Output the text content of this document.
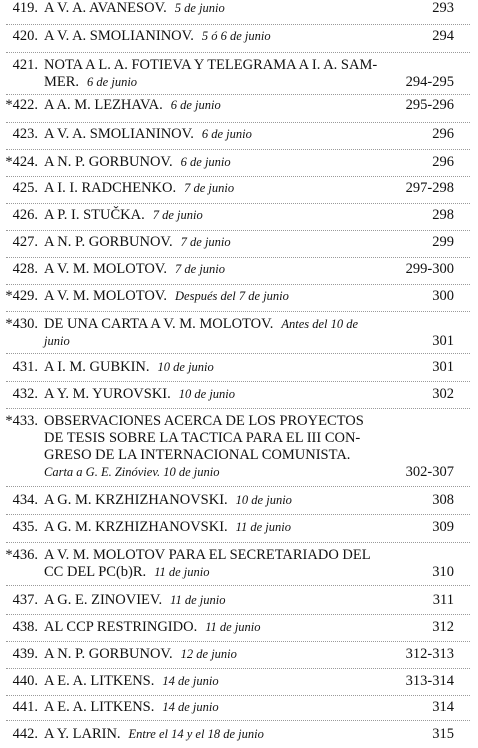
419. A V. A. AVANESOV. 5 de junio	293
420. A V. A. SMOLIANINOV. 5 ó 6 de junio	294
421. NOTA A L. A. FOTIEVA Y TELEGRAMA A I. A. SAM-
MER. 6 de junio	294-295
*422. A A. M. LEZHAVA. 6 de junio	295-296
423. A V. A. SMOLIANINOV. 6 de junio	296
*424. A N. P. GORBUNOV. 6 de junio	296
425. A I. I. RADCHENKO. 7 de junio	297-298
426. A P. I. STUČKA. 7 de junio	298
427. A N. P. GORBUNOV. 7 de junio	299
428. A V. M. MOLOTOV. 7 de junio	299-300
*429. A V. M. MOLOTOV. Después del 7 de junio	300
*430. DE UNA CARTA A V. M. MOLOTOV. Antes del 10 de
junio	301
431. A I. M. GUBKIN. 10 de junio	301
432. A Y. M. YUROVSKI. 10 de junio	302
*433. OBSERVACIONES ACERCA DE LOS PROYECTOS
DE TESIS SOBRE LA TACTICA PARA EL III CON-
GRESO DE LA INTERNACIONAL COMUNISTA.
Carta a G. E. Zinóviev. 10 de junio	302-307
434. A G. M. KRZHIZHANOVSKI. 10 de junio	308
435. A G. M. KRZHIZHANOVSKI. 11 de junio	309
*436. A V. M. MOLOTOV PARA EL SECRETARIADO DEL
CC DEL PC(b)R. 11 de junio	310
437. A G. E. ZINOVIEV. 11 de junio	311
438. AL CCP RESTRINGIDO. 11 de junio	312
439. A N. P. GORBUNOV. 12 de junio	312-313
440. A E. A. LITKENS. 14 de junio	313-314
441. A E. A. LITKENS. 14 de junio	314
442. A Y. LARIN. Entre el 14 y el 18 de junio	315
